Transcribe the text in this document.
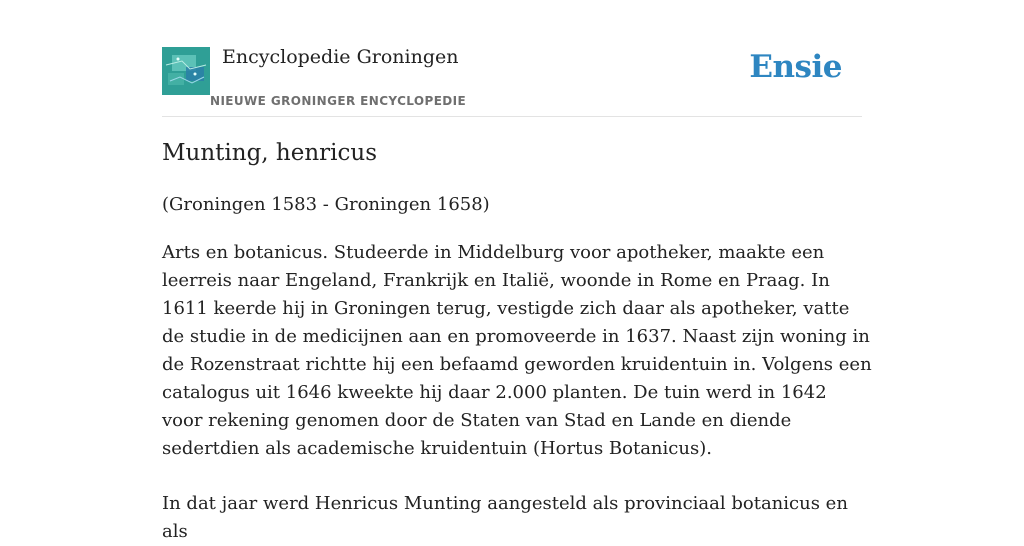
Encyclopedie Groningen
NIEUWE GRONINGER ENCYCLOPEDIE
Ensie
Munting, henricus

(Groningen 1583 - Groningen 1658)

Arts en botanicus. Studeerde in Middelburg voor apotheker, maakte een leerreis naar Engeland, Frankrijk en Italië, woonde in Rome en Praag. In 1611 keerde hij in Groningen terug, vestigde zich daar als apotheker, vatte de studie in de medicijnen aan en promoveerde in 1637. Naast zijn woning in de Rozenstraat richtte hij een befaamd geworden kruidentuin in. Volgens een catalogus uit 1646 kweekte hij daar 2.000 planten. De tuin werd in 1642 voor rekening genomen door de Staten van Stad en Lande en diende sedertdien als academische kruidentuin (Hortus Botanicus).

In dat jaar werd Henricus Munting aangesteld als provinciaal botanicus en als
